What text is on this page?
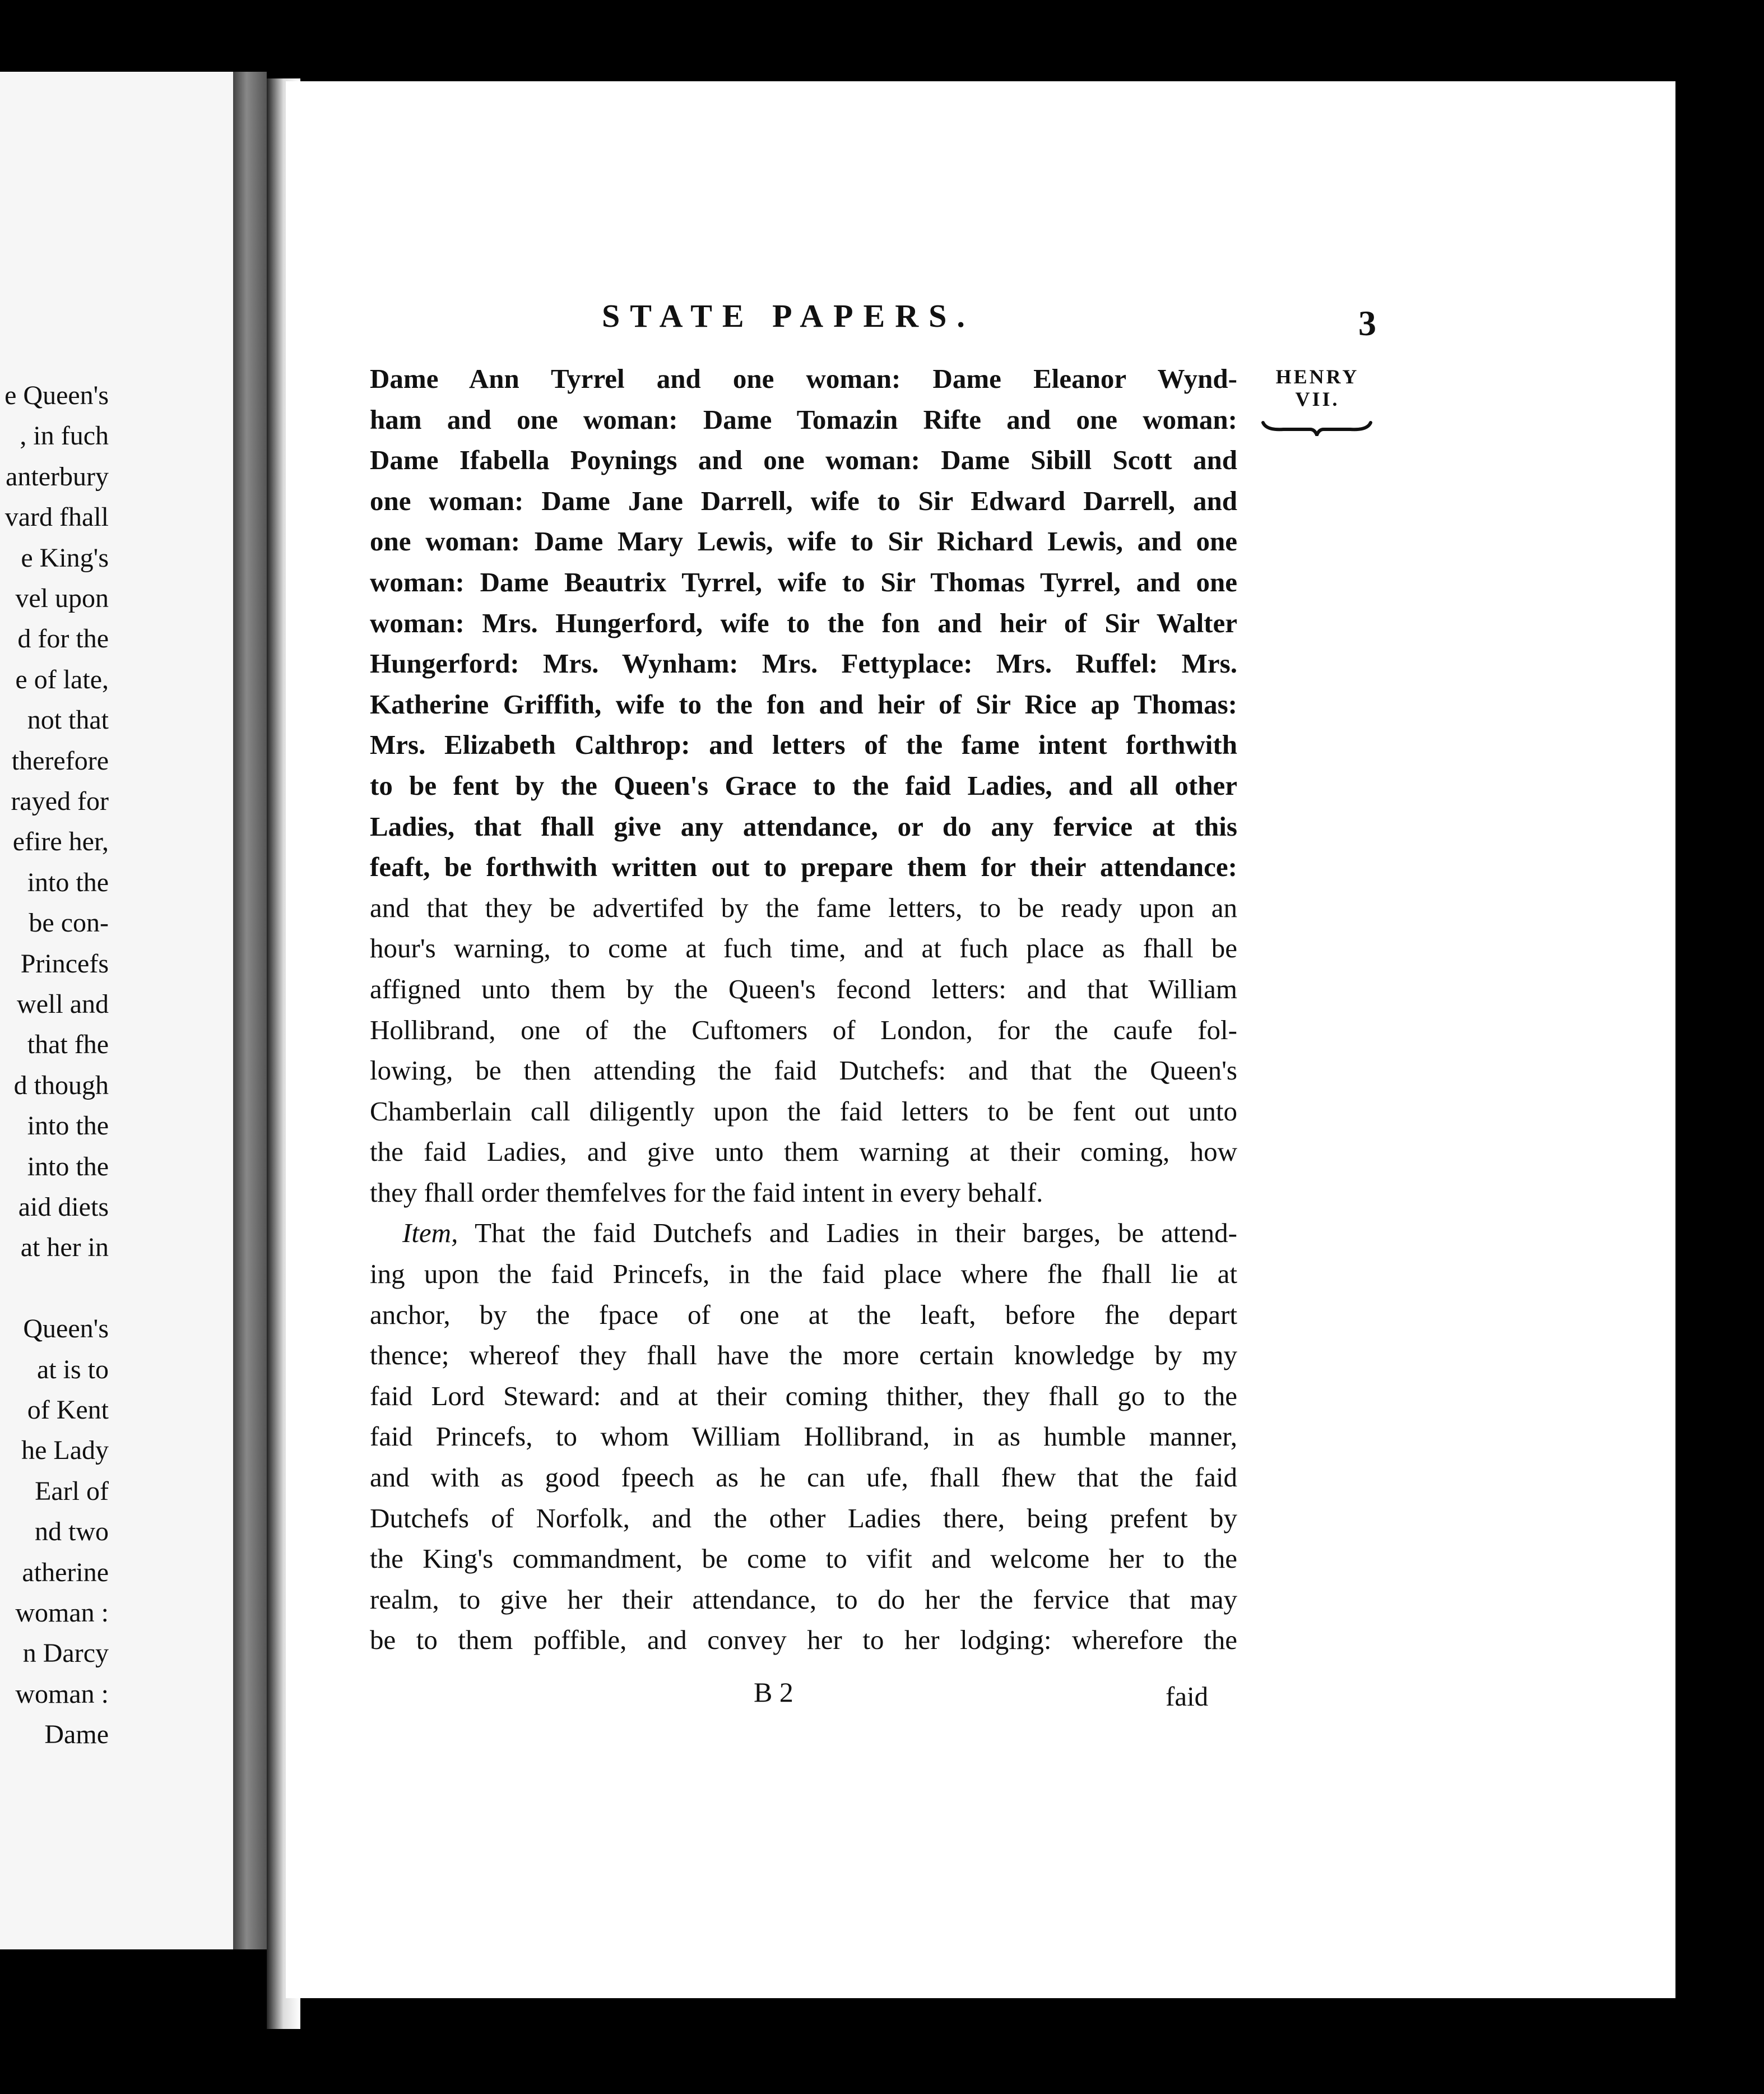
e Queen's
, in fuch
anterbury
vard fhall
e King's
vel upon
d for the
e of late,
not that
therefore
rayed for
efire her,
into the
be con-
Princefs
well and
that fhe
d though
into the
into the
aid diets
at her in
Queen's
at is to
of Kent
he Lady
Earl of
nd two
atherine
woman :
n Darcy
woman :
Dame
STATE PAPERS.	3
HENRY
VII.
Dame Ann Tyrrel and one woman: Dame Eleanor Wynd-
ham and one woman: Dame Tomazin Rifte and one woman:
Dame Ifabella Poynings and one woman: Dame Sibill Scott and
one woman: Dame Jane Darrell, wife to Sir Edward Darrell, and
one woman: Dame Mary Lewis, wife to Sir Richard Lewis, and one
woman: Dame Beautrix Tyrrel, wife to Sir Thomas Tyrrel, and one
woman: Mrs. Hungerford, wife to the fon and heir of Sir Walter
Hungerford: Mrs. Wynham: Mrs. Fettyplace: Mrs. Ruffel: Mrs.
Katherine Griffith, wife to the fon and heir of Sir Rice ap Thomas:
Mrs. Elizabeth Calthrop: and letters of the fame intent forthwith
to be fent by the Queen's Grace to the faid Ladies, and all other
Ladies, that fhall give any attendance, or do any fervice at this
feaft, be forthwith written out to prepare them for their attendance:
and that they be advertifed by the fame letters, to be ready upon an
hour's warning, to come at fuch time, and at fuch place as fhall be
affigned unto them by the Queen's fecond letters: and that William
Hollibrand, one of the Cuftomers of London, for the caufe fol-
lowing, be then attending the faid Dutchefs: and that the Queen's
Chamberlain call diligently upon the faid letters to be fent out unto
the faid Ladies, and give unto them warning at their coming, how
they fhall order themfelves for the faid intent in every behalf.
Item, That the faid Dutchefs and Ladies in their barges, be attend-
ing upon the faid Princefs, in the faid place where fhe fhall lie at
anchor, by the fpace of one at the leaft, before fhe depart
thence; whereof they fhall have the more certain knowledge by my
faid Lord Steward: and at their coming thither, they fhall go to the
faid Princefs, to whom William Hollibrand, in as humble manner,
and with as good fpeech as he can ufe, fhall fhew that the faid
Dutchefs of Norfolk, and the other Ladies there, being prefent by
the King's commandment, be come to vifit and welcome her to the
realm, to give her their attendance, to do her the fervice that may
be to them poffible, and convey her to her lodging: wherefore the
B 2	faid
